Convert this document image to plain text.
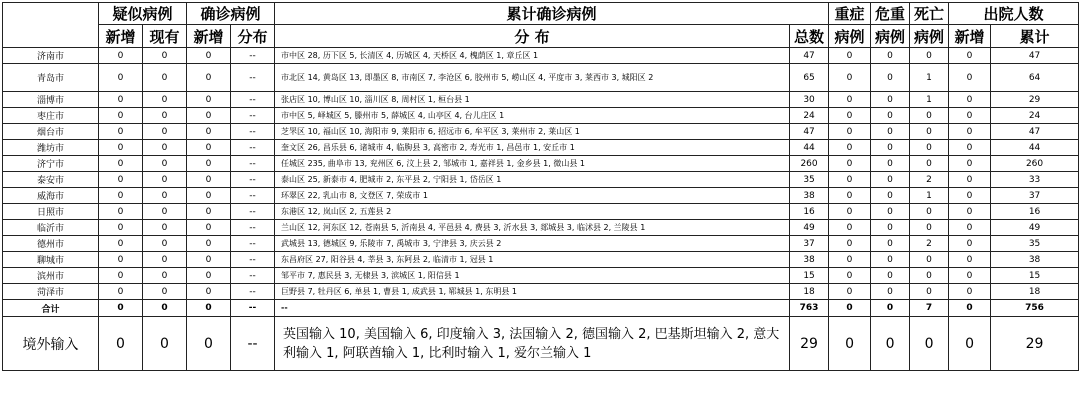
	疑似病例		确诊病例		累计确诊病例		重症	危重	死亡	出院人数	
	新增	现有	新增	分布	分 布	总数	病例	病例	病例	新增	累计
济南市	0	0	0	--	市中区 28, 历下区 5, 长清区 4, 历城区 4, 天桥区 4, 槐荫区 1, 章丘区 1	47	0	0	0	0	47
青岛市	0	0	0	--	市北区 14, 黄岛区 13, 即墨区 8, 市南区 7, 李沧区 6, 胶州市 5, 崂山区 4, 平度市 3, 莱西市 3, 城阳区 2	65	0	0	1	0	64
淄博市	0	0	0	--	张店区 10, 博山区 10, 淄川区 8, 周村区 1, 桓台县 1	30	0	0	1	0	29
枣庄市	0	0	0	--	市中区 5, 峄城区 5, 滕州市 5, 薛城区 4, 山亭区 4, 台儿庄区 1	24	0	0	0	0	24
烟台市	0	0	0	--	芝罘区 10, 福山区 10, 海阳市 9, 莱阳市 6, 招远市 6, 牟平区 3, 莱州市 2, 莱山区 1	47	0	0	0	0	47
潍坊市	0	0	0	--	奎文区 26, 昌乐县 6, 诸城市 4, 临朐县 3, 高密市 2, 寿光市 1, 昌邑市 1, 安丘市 1	44	0	0	0	0	44
济宁市	0	0	0	--	任城区 235, 曲阜市 13, 兖州区 6, 汶上县 2, 邹城市 1, 嘉祥县 1, 金乡县 1, 微山县 1	260	0	0	0	0	260
泰安市	0	0	0	--	泰山区 25, 新泰市 4, 肥城市 2, 东平县 2, 宁阳县 1, 岱岳区 1	35	0	0	2	0	33
威海市	0	0	0	--	环翠区 22, 乳山市 8, 文登区 7, 荣成市 1	38	0	0	1	0	37
日照市	0	0	0	--	东港区 12, 岚山区 2, 五莲县 2	16	0	0	0	0	16
临沂市	0	0	0	--	兰山区 12, 河东区 12, 苍南县 5, 沂南县 4, 平邑县 4, 费县 3, 沂水县 3, 郯城县 3, 临沭县 2, 兰陵县 1	49	0	0	0	0	49
德州市	0	0	0	--	武城县 13, 德城区 9, 乐陵市 7, 禹城市 3, 宁津县 3, 庆云县 2	37	0	0	2	0	35
聊城市	0	0	0	--	东昌府区 27, 阳谷县 4, 莘县 3, 东阿县 2, 临清市 1, 冠县 1	38	0	0	0	0	38
滨州市	0	0	0	--	邹平市 7, 惠民县 3, 无棣县 3, 滨城区 1, 阳信县 1	15	0	0	0	0	15
菏泽市	0	0	0	--	巨野县 7, 牡丹区 6, 单县 1, 曹县 1, 成武县 1, 郓城县 1, 东明县 1	18	0	0	0	0	18
合计	0	0	0	--	--	763	0	0	7	0	756
境外输入	0	0	0	--	英国输入 10, 美国输入 6, 印度输入 3, 法国输入 2, 德国输入 2, 巴基斯坦输入 2, 意大利输入 1, 阿联酋输入 1, 比利时输入 1, 爱尔兰输入 1	29	0	0	0	0	29
